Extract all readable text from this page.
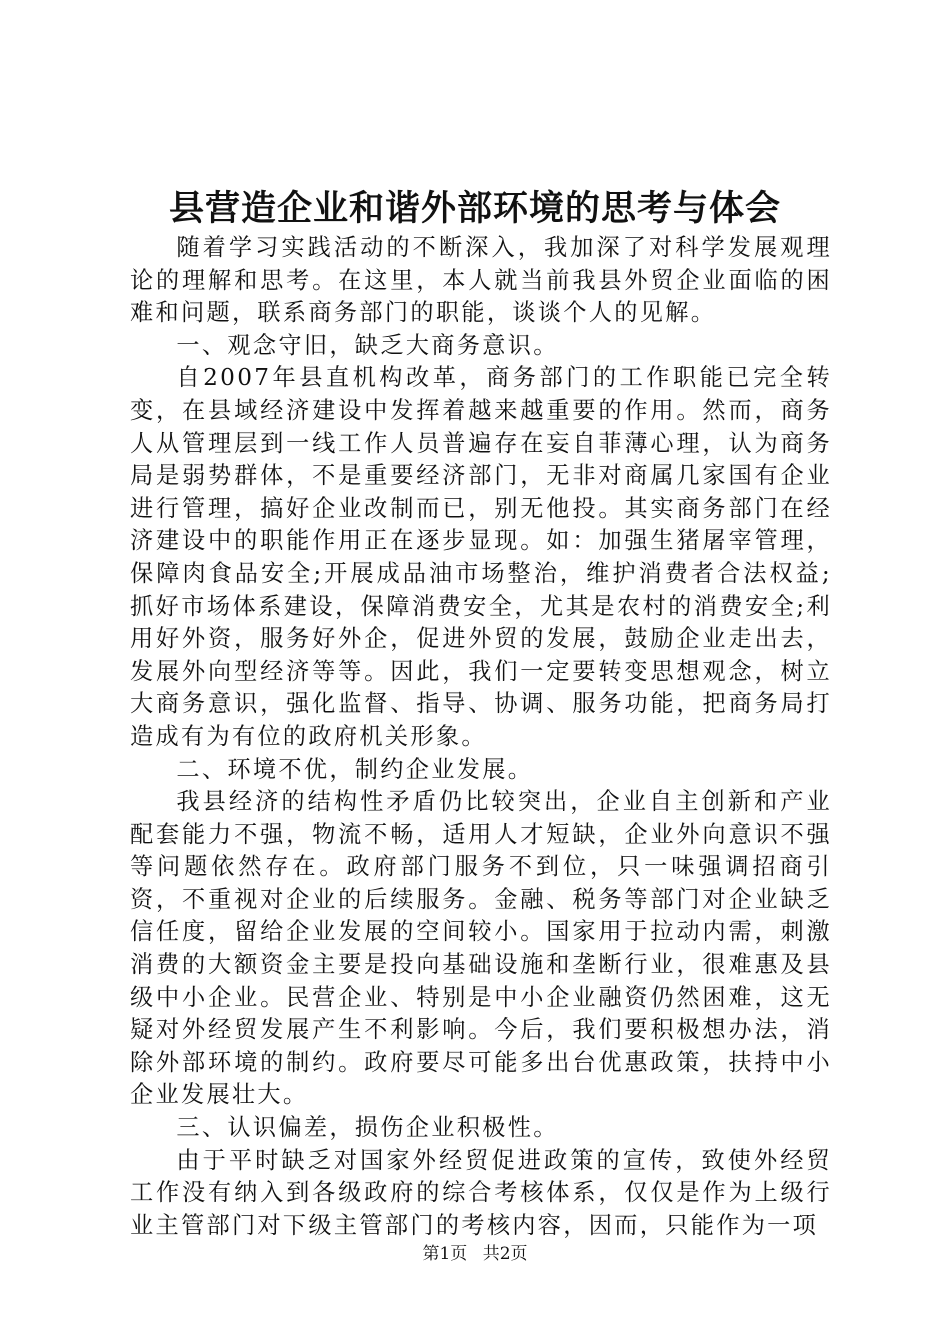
县营造企业和谐外部环境的思考与体会

随着学习实践活动的不断深入，我加深了对科学发展观理论的理解和思考。在这里，本人就当前我县外贸企业面临的困难和问题，联系商务部门的职能，谈谈个人的见解。

一、观念守旧，缺乏大商务意识。

自2007年县直机构改革，商务部门的工作职能已完全转变，在县域经济建设中发挥着越来越重要的作用。然而，商务人从管理层到一线工作人员普遍存在妄自菲薄心理，认为商务局是弱势群体，不是重要经济部门，无非对商属几家国有企业进行管理，搞好企业改制而已，别无他投。其实商务部门在经济建设中的职能作用正在逐步显现。如：加强生猪屠宰管理，保障肉食品安全;开展成品油市场整治，维护消费者合法权益;抓好市场体系建设，保障消费安全，尤其是农村的消费安全;利用好外资，服务好外企，促进外贸的发展，鼓励企业走出去，发展外向型经济等等。因此，我们一定要转变思想观念，树立大商务意识，强化监督、指导、协调、服务功能，把商务局打造成有为有位的政府机关形象。

二、环境不优，制约企业发展。

我县经济的结构性矛盾仍比较突出，企业自主创新和产业配套能力不强，物流不畅，适用人才短缺，企业外向意识不强等问题依然存在。政府部门服务不到位，只一味强调招商引资，不重视对企业的后续服务。金融、税务等部门对企业缺乏信任度，留给企业发展的空间较小。国家用于拉动内需，刺激消费的大额资金主要是投向基础设施和垄断行业，很难惠及县级中小企业。民营企业、特别是中小企业融资仍然困难，这无疑对外经贸发展产生不利影响。今后，我们要积极想办法，消除外部环境的制约。政府要尽可能多出台优惠政策，扶持中小企业发展壮大。

三、认识偏差，损伤企业积极性。

由于平时缺乏对国家外经贸促进政策的宣传，致使外经贸工作没有纳入到各级政府的综合考核体系，仅仅是作为上级行业主管部门对下级主管部门的考核内容，因而，只能作为一项

第1页 共2页
